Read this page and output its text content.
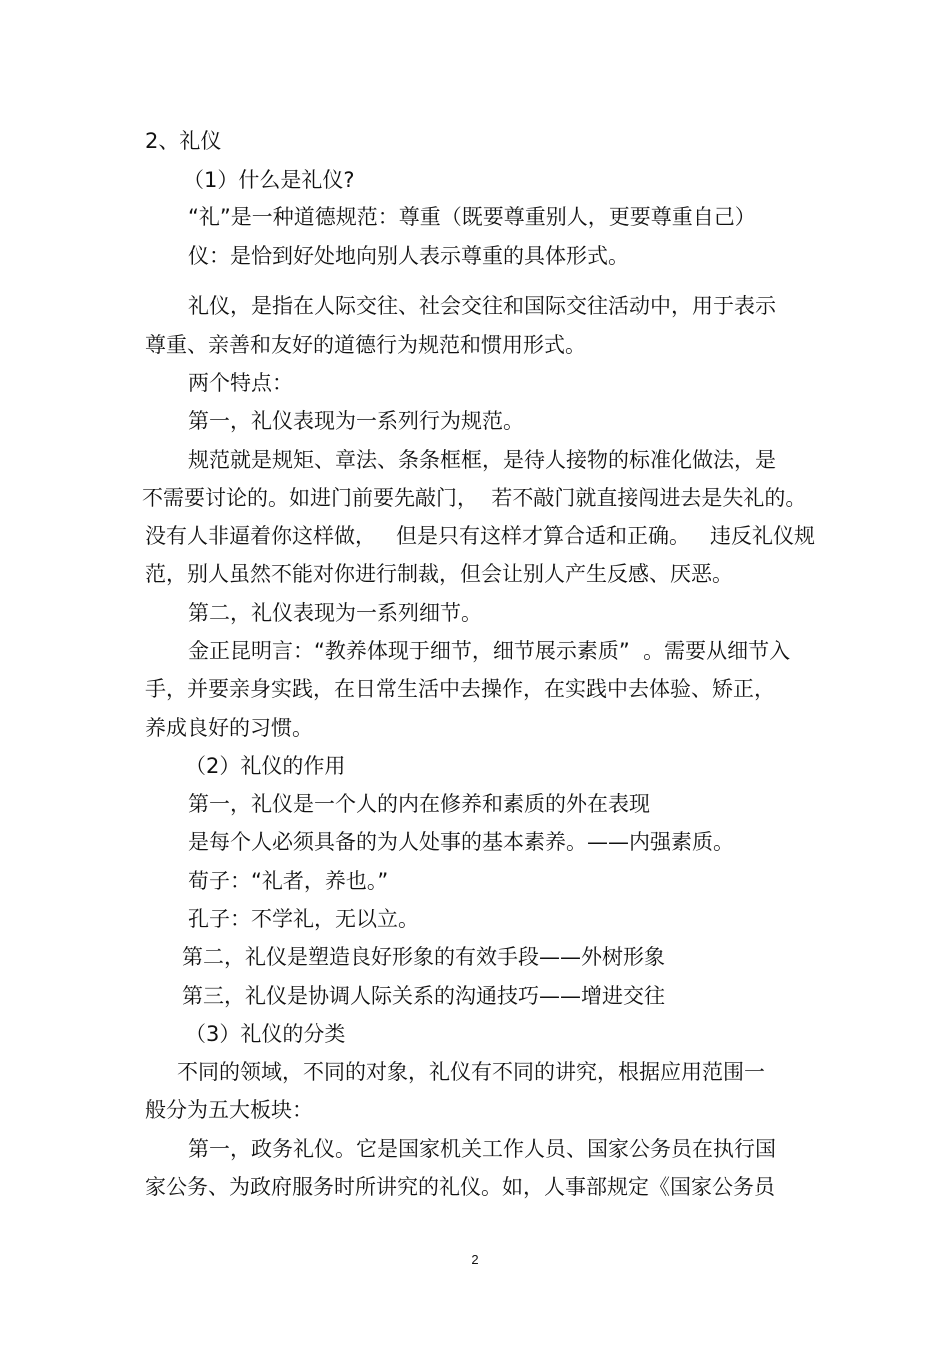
2、礼仪

（1）什么是礼仪?

“礼”是一种道德规范：尊重（既要尊重别人，更要尊重自己）

仪：是恰到好处地向别人表示尊重的具体形式。

礼仪，是指在人际交往、社会交往和国际交往活动中，用于表示

尊重、亲善和友好的道德行为规范和惯用形式。

两个特点：

第一，礼仪表现为一系列行为规范。

规范就是规矩、章法、条条框框，是待人接物的标准化做法，是

不需要讨论的。如进门前要先敲门，  若不敲门就直接闯进去是失礼的。

没有人非逼着你这样做，   但是只有这样才算合适和正确。   违反礼仪规

范，别人虽然不能对你进行制裁，但会让别人产生反感、厌恶。

第二，礼仪表现为一系列细节。

金正昆明言：“教养体现于细节，细节展示素质”  。需要从细节入

手，并要亲身实践，在日常生活中去操作，在实践中去体验、矫正，

养成良好的习惯。

（2）礼仪的作用

第一，礼仪是一个人的内在修养和素质的外在表现

是每个人必须具备的为人处事的基本素养。——内强素质。

荀子：“礼者，养也。”

孔子：不学礼，无以立。

第二，礼仪是塑造良好形象的有效手段——外树形象

第三，礼仪是协调人际关系的沟通技巧——增进交往

（3）礼仪的分类

不同的领域，不同的对象，礼仪有不同的讲究，根据应用范围一

般分为五大板块：

第一，政务礼仪。它是国家机关工作人员、国家公务员在执行国

家公务、为政府服务时所讲究的礼仪。如，人事部规定《国家公务员

2
